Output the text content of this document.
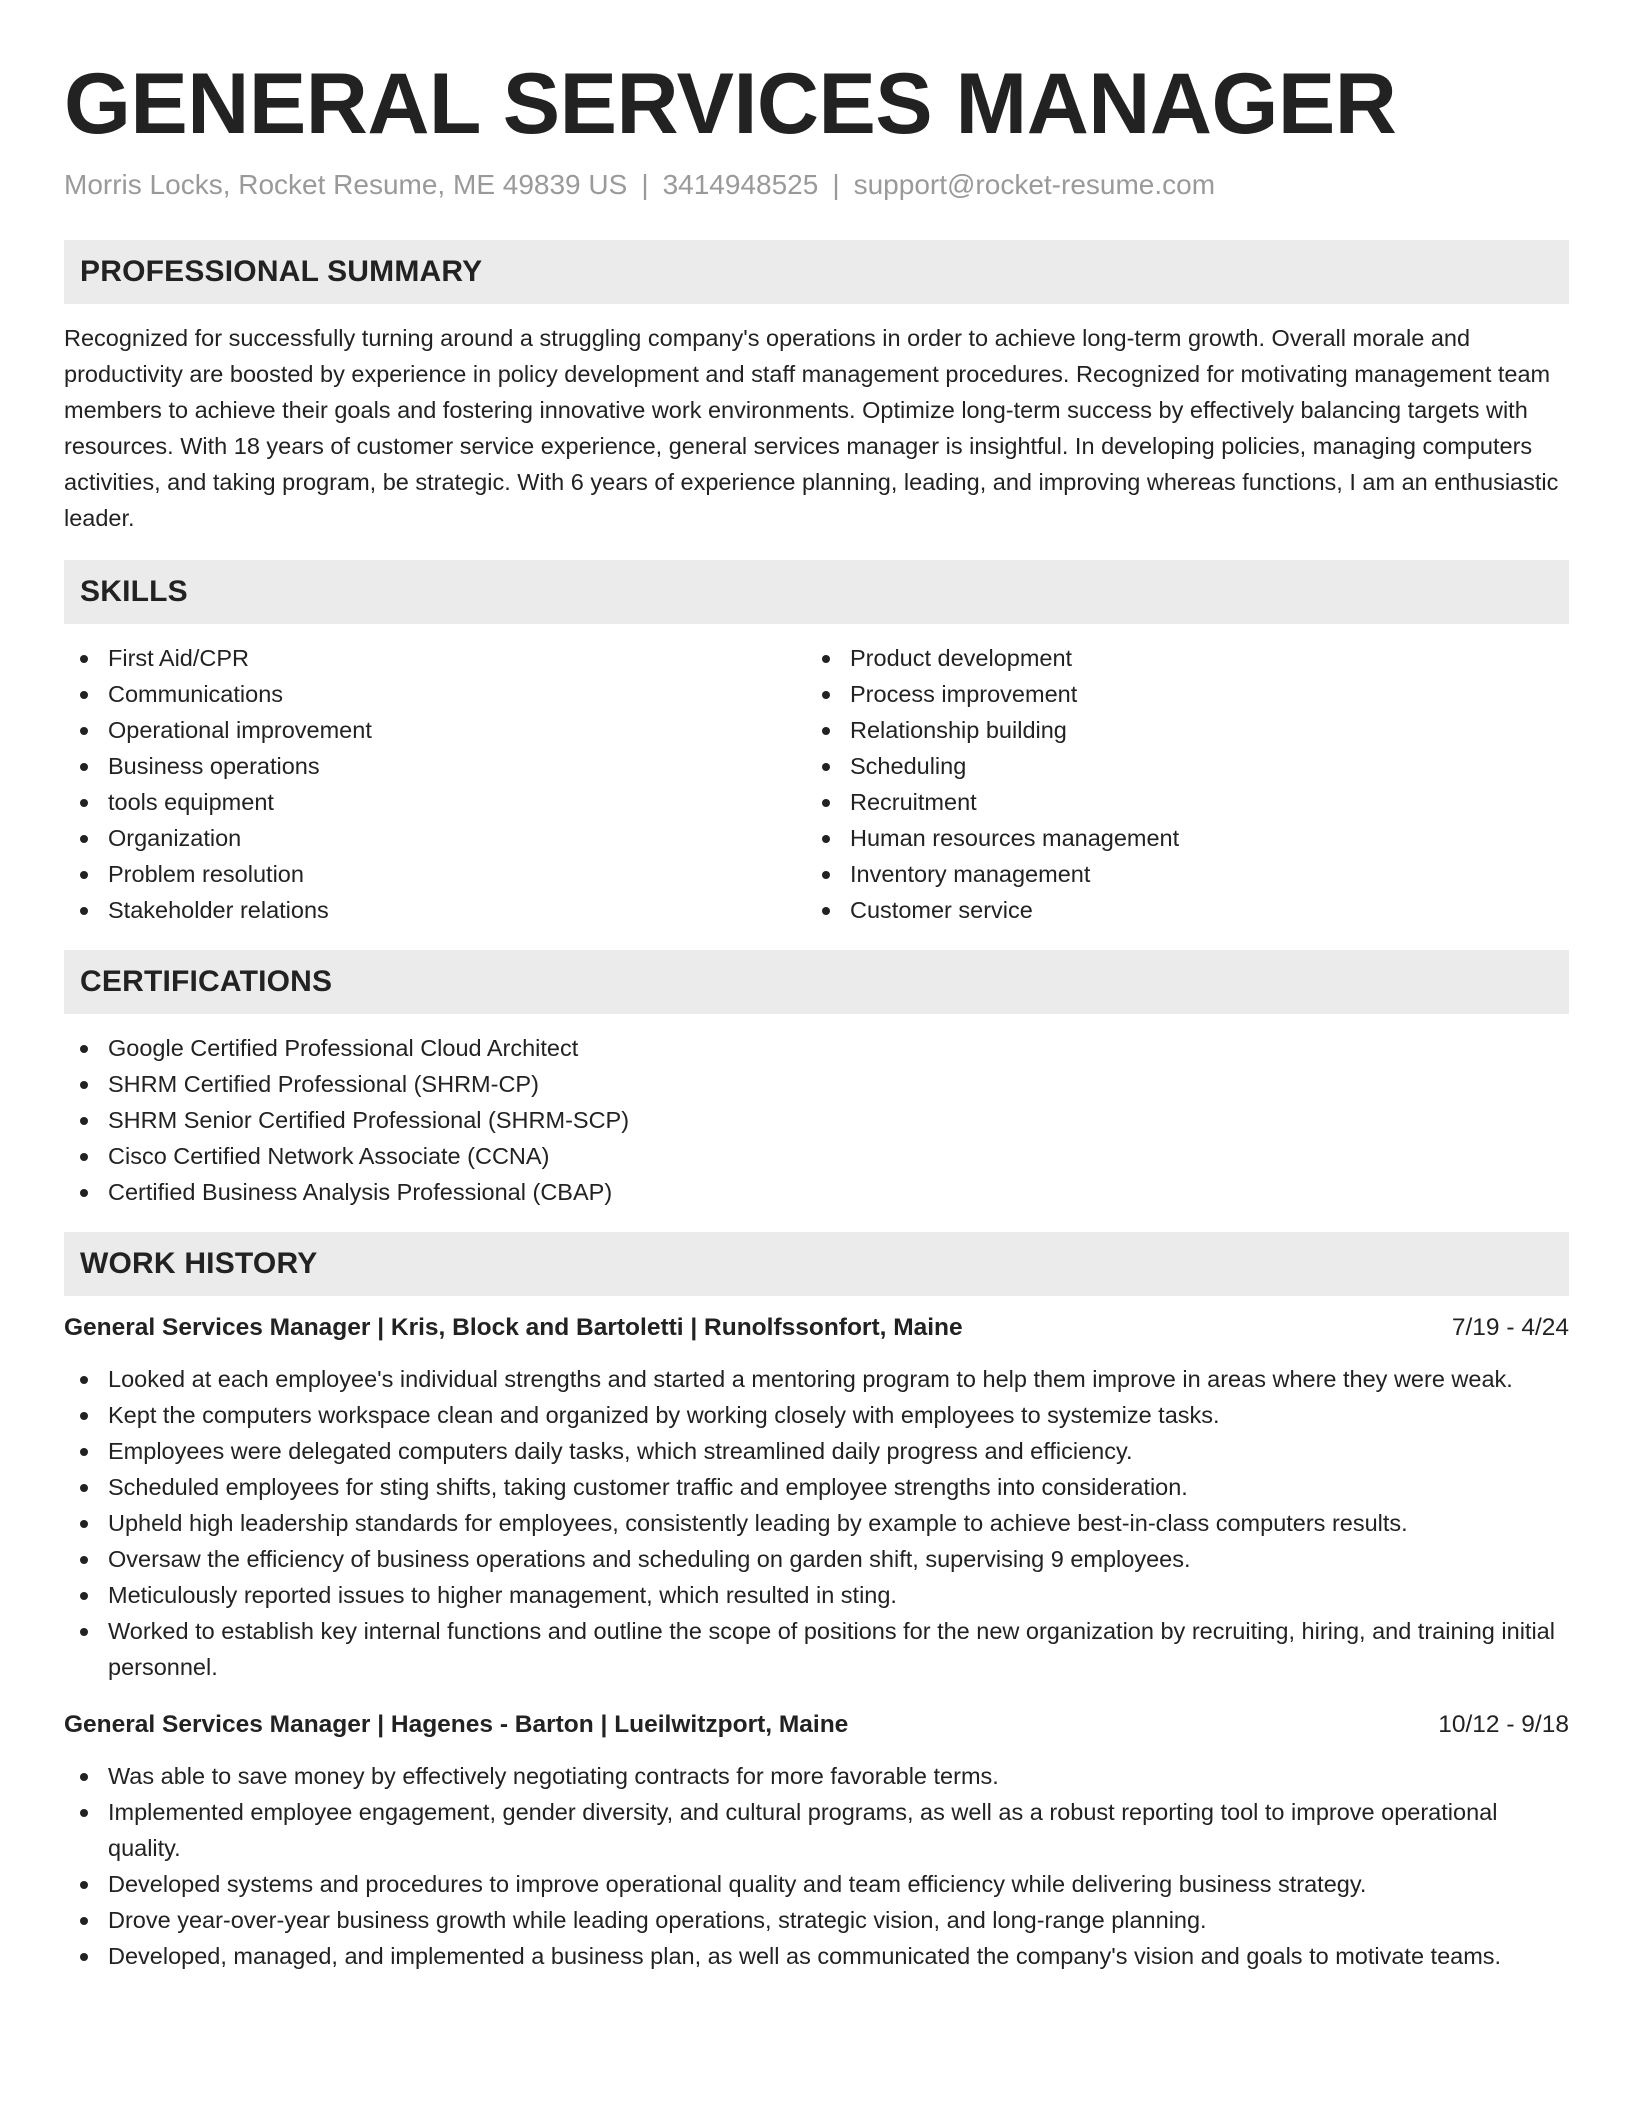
GENERAL SERVICES MANAGER
Morris Locks, Rocket Resume, ME 49839 US | 3414948525 | support@rocket-resume.com
PROFESSIONAL SUMMARY

Recognized for successfully turning around a struggling company's operations in order to achieve long-term growth. Overall morale and productivity are boosted by experience in policy development and staff management procedures. Recognized for motivating management team members to achieve their goals and fostering innovative work environments. Optimize long-term success by effectively balancing targets with resources. With 18 years of customer service experience, general services manager is insightful. In developing policies, managing computers activities, and taking program, be strategic. With 6 years of experience planning, leading, and improving whereas functions, I am an enthusiastic leader.

SKILLS
First Aid/CPR
Communications
Operational improvement
Business operations
tools equipment
Organization
Problem resolution
Stakeholder relations
Product development
Process improvement
Relationship building
Scheduling
Recruitment
Human resources management
Inventory management
Customer service
CERTIFICATIONS
Google Certified Professional Cloud Architect
SHRM Certified Professional (SHRM-CP)
SHRM Senior Certified Professional (SHRM-SCP)
Cisco Certified Network Associate (CCNA)
Certified Business Analysis Professional (CBAP)
WORK HISTORY
General Services Manager | Kris, Block and Bartoletti | Runolfssonfort, Maine	7/19 - 4/24
Looked at each employee's individual strengths and started a mentoring program to help them improve in areas where they were weak.
Kept the computers workspace clean and organized by working closely with employees to systemize tasks.
Employees were delegated computers daily tasks, which streamlined daily progress and efficiency.
Scheduled employees for sting shifts, taking customer traffic and employee strengths into consideration.
Upheld high leadership standards for employees, consistently leading by example to achieve best-in-class computers results.
Oversaw the efficiency of business operations and scheduling on garden shift, supervising 9 employees.
Meticulously reported issues to higher management, which resulted in sting.
Worked to establish key internal functions and outline the scope of positions for the new organization by recruiting, hiring, and training initial personnel.
General Services Manager | Hagenes - Barton | Lueilwitzport, Maine	10/12 - 9/18
Was able to save money by effectively negotiating contracts for more favorable terms.
Implemented employee engagement, gender diversity, and cultural programs, as well as a robust reporting tool to improve operational quality.
Developed systems and procedures to improve operational quality and team efficiency while delivering business strategy.
Drove year-over-year business growth while leading operations, strategic vision, and long-range planning.
Developed, managed, and implemented a business plan, as well as communicated the company's vision and goals to motivate teams.
